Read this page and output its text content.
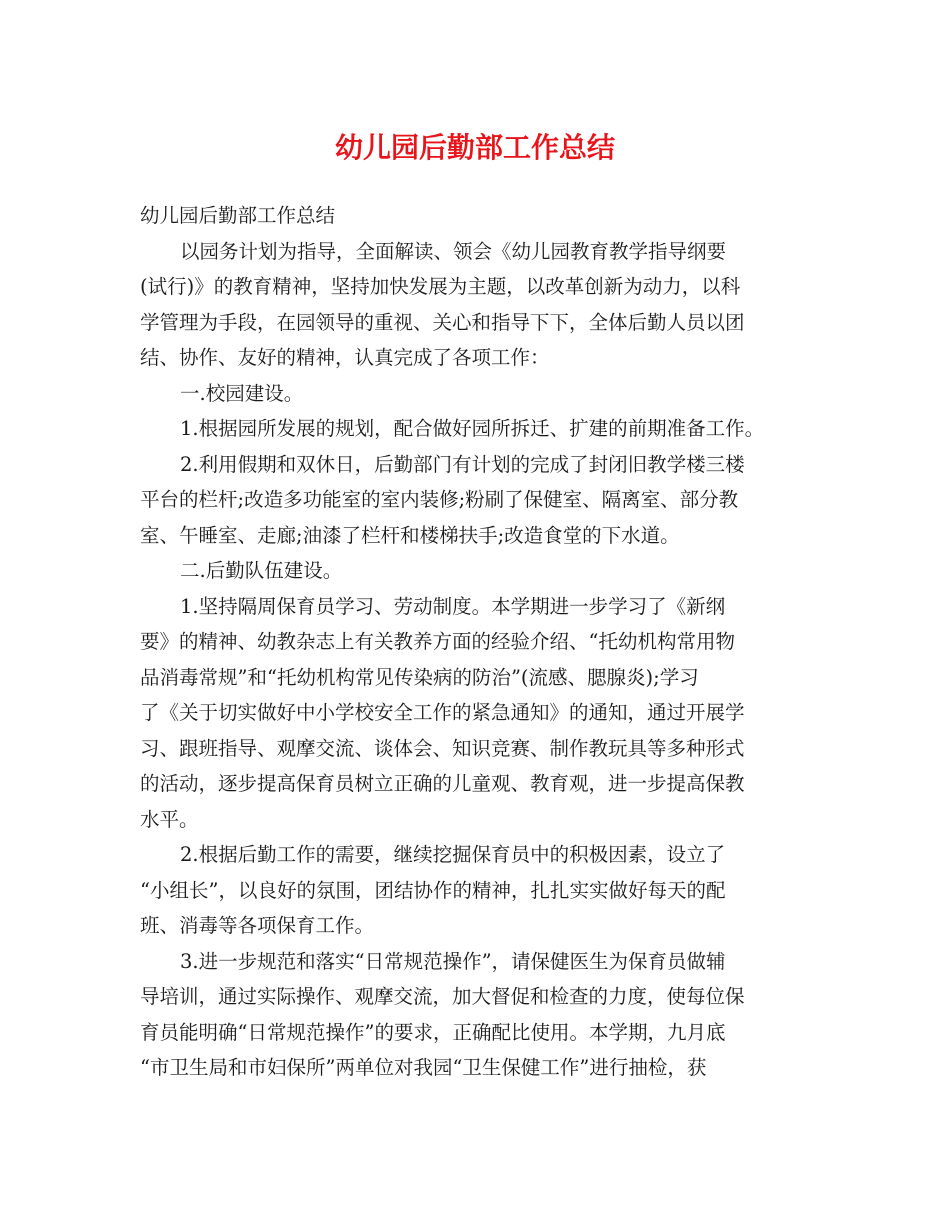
幼儿园后勤部工作总结

幼儿园后勤部工作总结

以园务计划为指导，全面解读、领会《幼儿园教育教学指导纲要

(试行)》的教育精神，坚持加快发展为主题，以改革创新为动力，以科

学管理为手段，在园领导的重视、关心和指导下下，全体后勤人员以团

结、协作、友好的精神，认真完成了各项工作：

一.校园建设。

1.根据园所发展的规划，配合做好园所拆迁、扩建的前期准备工作。

2.利用假期和双休日，后勤部门有计划的完成了封闭旧教学楼三楼

平台的栏杆;改造多功能室的室内装修;粉刷了保健室、隔离室、部分教

室、午睡室、走廊;油漆了栏杆和楼梯扶手;改造食堂的下水道。

二.后勤队伍建设。

1.坚持隔周保育员学习、劳动制度。本学期进一步学习了《新纲

要》的精神、幼教杂志上有关教养方面的经验介绍、“托幼机构常用物

品消毒常规”和“托幼机构常见传染病的防治”(流感、腮腺炎);学习

了《关于切实做好中小学校安全工作的紧急通知》的通知，通过开展学

习、跟班指导、观摩交流、谈体会、知识竞赛、制作教玩具等多种形式

的活动，逐步提高保育员树立正确的儿童观、教育观，进一步提高保教

水平。

2.根据后勤工作的需要，继续挖掘保育员中的积极因素，设立了

“小组长”，以良好的氛围，团结协作的精神，扎扎实实做好每天的配

班、消毒等各项保育工作。

3.进一步规范和落实“日常规范操作”，请保健医生为保育员做辅

导培训，通过实际操作、观摩交流，加大督促和检查的力度，使每位保

育员能明确“日常规范操作”的要求，正确配比使用。本学期，九月底

“市卫生局和市妇保所”两单位对我园“卫生保健工作”进行抽检，获
